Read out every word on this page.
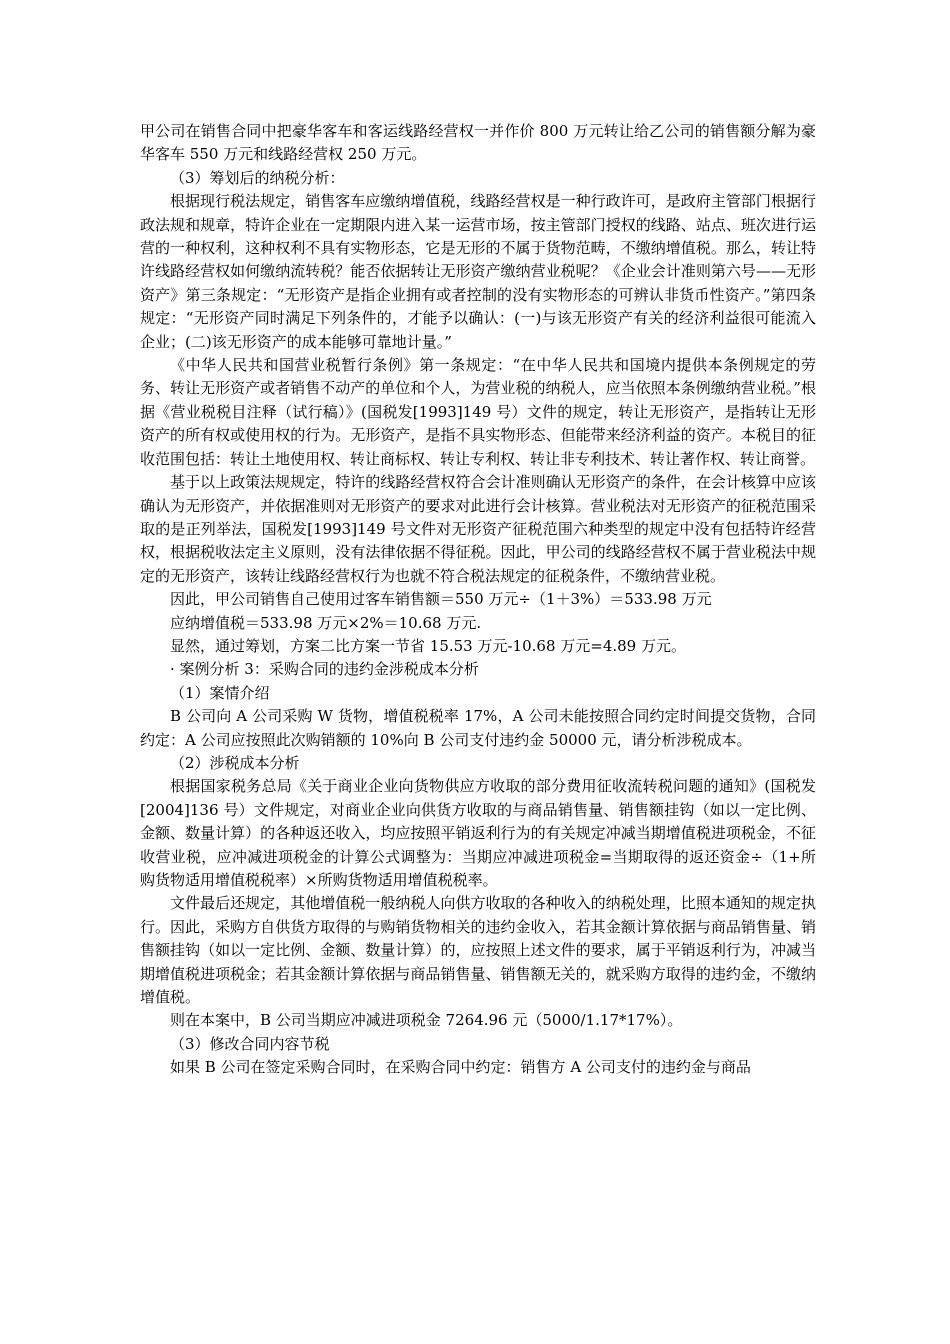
甲公司在销售合同中把豪华客车和客运线路经营权一并作价 800 万元转让给乙公司的销售额分解为豪华客车 550 万元和线路经营权 250 万元。

（3）筹划后的纳税分析：

根据现行税法规定，销售客车应缴纳增值税，线路经营权是一种行政许可，是政府主管部门根据行政法规和规章，特许企业在一定期限内进入某一运营市场，按主管部门授权的线路、站点、班次进行运营的一种权利，这种权利不具有实物形态，它是无形的不属于货物范畴，不缴纳增值税。那么，转让特许线路经营权如何缴纳流转税？能否依据转让无形资产缴纳营业税呢？《企业会计准则第六号——无形资产》第三条规定：“无形资产是指企业拥有或者控制的没有实物形态的可辨认非货币性资产。”第四条规定：“无形资产同时满足下列条件的，才能予以确认：(一)与该无形资产有关的经济利益很可能流入企业；(二)该无形资产的成本能够可靠地计量。”

《中华人民共和国营业税暂行条例》第一条规定：“在中华人民共和国境内提供本条例规定的劳务、转让无形资产或者销售不动产的单位和个人，为营业税的纳税人，应当依照本条例缴纳营业税。”根据《营业税税目注释（试行稿）》(国税发[1993]149 号）文件的规定，转让无形资产，是指转让无形资产的所有权或使用权的行为。无形资产，是指不具实物形态、但能带来经济利益的资产。本税目的征收范围包括：转让土地使用权、转让商标权、转让专利权、转让非专利技术、转让著作权、转让商誉。

基于以上政策法规规定，特许的线路经营权符合会计准则确认无形资产的条件，在会计核算中应该确认为无形资产，并依据准则对无形资产的要求对此进行会计核算。营业税法对无形资产的征税范围采取的是正列举法，国税发[1993]149 号文件对无形资产征税范围六种类型的规定中没有包括特许经营权，根据税收法定主义原则，没有法律依据不得征税。因此，甲公司的线路经营权不属于营业税法中规定的无形资产，该转让线路经营权行为也就不符合税法规定的征税条件，不缴纳营业税。

因此，甲公司销售自己使用过客车销售额＝550 万元÷（1＋3%）＝533.98 万元

应纳增值税＝533.98 万元×2%＝10.68 万元.

显然，通过筹划，方案二比方案一节省 15.53 万元-10.68 万元=4.89 万元。

· 案例分析 3：采购合同的违约金涉税成本分析

（1）案情介绍

B 公司向 A 公司采购 W 货物，增值税税率 17%，A 公司未能按照合同约定时间提交货物，合同约定：A 公司应按照此次购销额的 10%向 B 公司支付违约金 50000 元，请分析涉税成本。

（2）涉税成本分析

根据国家税务总局《关于商业企业向货物供应方收取的部分费用征收流转税问题的通知》(国税发[2004]136 号）文件规定，对商业企业向供货方收取的与商品销售量、销售额挂钩（如以一定比例、金额、数量计算）的各种返还收入，均应按照平销返利行为的有关规定冲减当期增值税进项税金，不征收营业税，应冲减进项税金的计算公式调整为：当期应冲减进项税金=当期取得的返还资金÷（1+所购货物适用增值税税率）×所购货物适用增值税税率。

文件最后还规定，其他增值税一般纳税人向供方收取的各种收入的纳税处理，比照本通知的规定执行。因此，采购方自供货方取得的与购销货物相关的违约金收入，若其金额计算依据与商品销售量、销售额挂钩（如以一定比例、金额、数量计算）的，应按照上述文件的要求，属于平销返利行为，冲减当期增值税进项税金；若其金额计算依据与商品销售量、销售额无关的，就采购方取得的违约金，不缴纳增值税。

则在本案中，B 公司当期应冲减进项税金 7264.96 元（5000/1.17*17%）。

（3）修改合同内容节税

如果 B 公司在签定采购合同时，在采购合同中约定：销售方 A 公司支付的违约金与商品
